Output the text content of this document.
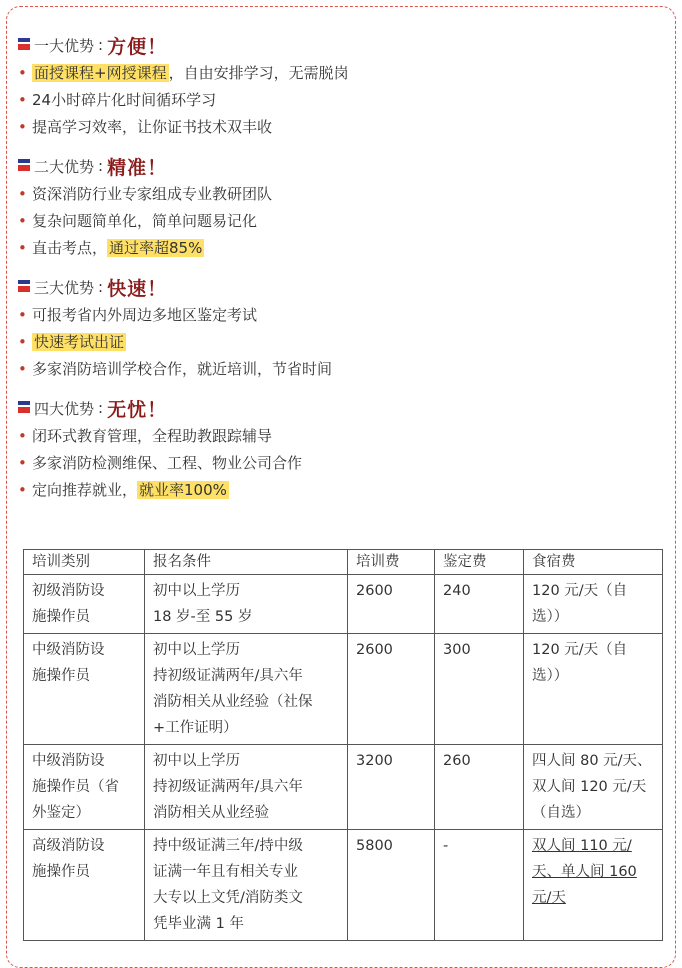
一大优势 : 方便！
• 面授课程+网授课程 ，自由安排学习，无需脱岗
• 24小时碎片化时间循环学习
• 提高学习效率，让你证书技术双丰收
二大优势 : 精准！
• 资深消防行业专家组成专业教研团队
• 复杂问题简单化，简单问题易记化
• 直击考点， 通过率超85%
三大优势 : 快速！
• 可报考省内外周边多地区鉴定考试
• 快速考试出证
• 多家消防培训学校合作，就近培训，节省时间
四大优势 : 无忧！
• 闭环式教育管理，全程助教跟踪辅导
• 多家消防检测维保、工程、物业公司合作
• 定向推荐就业， 就业率100%
培训类别	报名条件	培训费	鉴定费	食宿费

初级消防设
施操作员	初中以上学历
18 岁-至 55 岁	2600	240	120 元/天（自
选））

中级消防设
施操作员	初中以上学历
持初级证满两年/具六年
消防相关从业经验（社保
+工作证明）	2600	300	120 元/天（自
选））

中级消防设
施操作员（省
外鉴定）	初中以上学历
持初级证满两年/具六年
消防相关从业经验	3200	260	四人间 80 元/天、
双人间 120 元/天
（自选）

高级消防设
施操作员	持中级证满三年/持中级
证满一年且有相关专业
大专以上文凭/消防类文
凭毕业满 1 年	5800	-	双人间 110 元/
天、单人间 160
元/天
